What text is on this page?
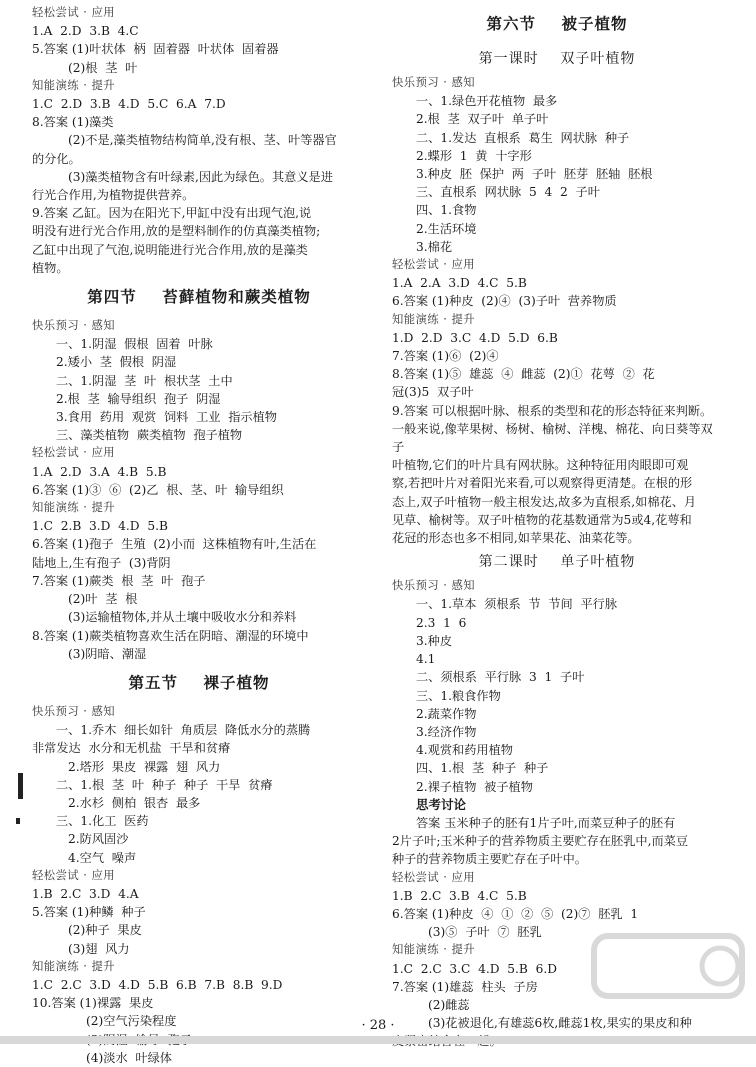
轻松尝试 · 应用
1.A  2.D  3.B  4.C
5.答案 (1)叶状体  柄  固着器  叶状体  固着器
(2)根  茎  叶
知能演练 · 提升
1.C  2.D  3.B  4.D  5.C  6.A  7.D
8.答案 (1)藻类
(2)不是,藻类植物结构简单,没有根、茎、叶等器官
的分化。
(3)藻类植物含有叶绿素,因此为绿色。其意义是进
行光合作用,为植物提供营养。
9.答案 乙缸。因为在阳光下,甲缸中没有出现气泡,说
明没有进行光合作用,放的是塑料制作的仿真藻类植物;
乙缸中出现了气泡,说明能进行光合作用,放的是藻类
植物。
第四节    苔藓植物和蕨类植物
快乐预习 · 感知
一、1.阴湿  假根  固着  叶脉
2.矮小  茎  假根  阴湿
二、1.阴湿  茎  叶  根状茎  土中
2.根  茎  输导组织  孢子  阴湿
3.食用  药用  观赏  饲料  工业  指示植物
三、藻类植物  蕨类植物  孢子植物
轻松尝试 · 应用
1.A  2.D  3.A  4.B  5.B
6.答案 (1)③  ⑥  (2)乙  根、茎、叶  输导组织
知能演练 · 提升
1.C  2.B  3.D  4.D  5.B
6.答案 (1)孢子  生殖  (2)小而  这株植物有叶,生活在
陆地上,生有孢子  (3)背阴
7.答案 (1)蕨类  根  茎  叶  孢子
(2)叶  茎  根
(3)运输植物体,并从土壤中吸收水分和养料
8.答案 (1)蕨类植物喜欢生活在阴暗、潮湿的环境中
(3)阴暗、潮湿
第五节    裸子植物
快乐预习 · 感知
一、1.乔木  细长如针  角质层  降低水分的蒸腾
非常发达  水分和无机盐  干旱和贫瘠
2.塔形  果皮  裸露  翅  风力
二、1.根  茎  叶  种子  种子  干旱  贫瘠
2.水杉  侧柏  银杏  最多
三、1.化工  医药
2.防风固沙
4.空气  噪声
轻松尝试 · 应用
1.B  2.C  3.D  4.A
5.答案 (1)种鳞  种子
(2)种子  果皮
(3)翅  风力
知能演练 · 提升
1.C  2.C  3.D  4.D  5.B  6.B  7.B  8.B  9.D
10.答案 (1)裸露  果皮
(2)空气污染程度
(4)淡水  叶绿体
第六节    被子植物
第一课时    双子叶植物
快乐预习 · 感知
一、1.绿色开花植物  最多
2.根  茎  双子叶  单子叶
二、1.发达  直根系  葛生  网状脉  种子
2.蝶形  1  黄  十字形
3.种皮  胚  保护  两  子叶  胚芽  胚轴  胚根
三、直根系  网状脉  5  4  2  子叶
四、1.食物
2.生活环境
3.棉花
轻松尝试 · 应用
1.A  2.A  3.D  4.C  5.B
6.答案 (1)种皮  (2)④  (3)子叶  营养物质
知能演练 · 提升
1.D  2.D  3.C  4.D  5.D  6.B
7.答案 (1)⑥  (2)④
8.答案 (1)⑤  雄蕊  ④  雌蕊  (2)①  花萼  ②  花
冠(3)5  双子叶
9.答案 可以根据叶脉、根系的类型和花的形态特征来判断。
一般来说,像苹果树、杨树、榆树、洋槐、棉花、向日葵等双子
叶植物,它们的叶片具有网状脉。这种特征用肉眼即可观
察,若把叶片对着阳光来看,可以观察得更清楚。在根的形
态上,双子叶植物一般主根发达,故多为直根系,如棉花、月
见草、榆树等。双子叶植物的花基数通常为5或4,花萼和
花冠的形态也多不相同,如苹果花、油菜花等。
第二课时    单子叶植物
快乐预习 · 感知
一、1.草本  须根系  节  节间  平行脉
2.3  1  6
3.种皮
4.1
二、须根系  平行脉  3  1  子叶
三、1.粮食作物
2.蔬菜作物
3.经济作物
4.观赏和药用植物
四、1.根  茎  种子  种子
2.裸子植物  被子植物
思考讨论
答案 玉米种子的胚有1片子叶,而菜豆种子的胚有
2片子叶;玉米种子的营养物质主要贮存在胚乳中,而菜豆
种子的营养物质主要贮存在子叶中。
轻松尝试 · 应用
1.B  2.C  3.B  4.C  5.B
6.答案 (1)种皮  ④  ①  ②  ⑤  (2)⑦  胚乳  1
(3)⑤  子叶  ⑦  胚乳
知能演练 · 提升
1.C  2.C  3.C  4.D  5.B  6.D
7.答案 (1)雄蕊  柱头  子房
(2)雌蕊
(3)花被退化,有雄蕊6枚,雌蕊1枚,果实的果皮和种
· 28 ·
